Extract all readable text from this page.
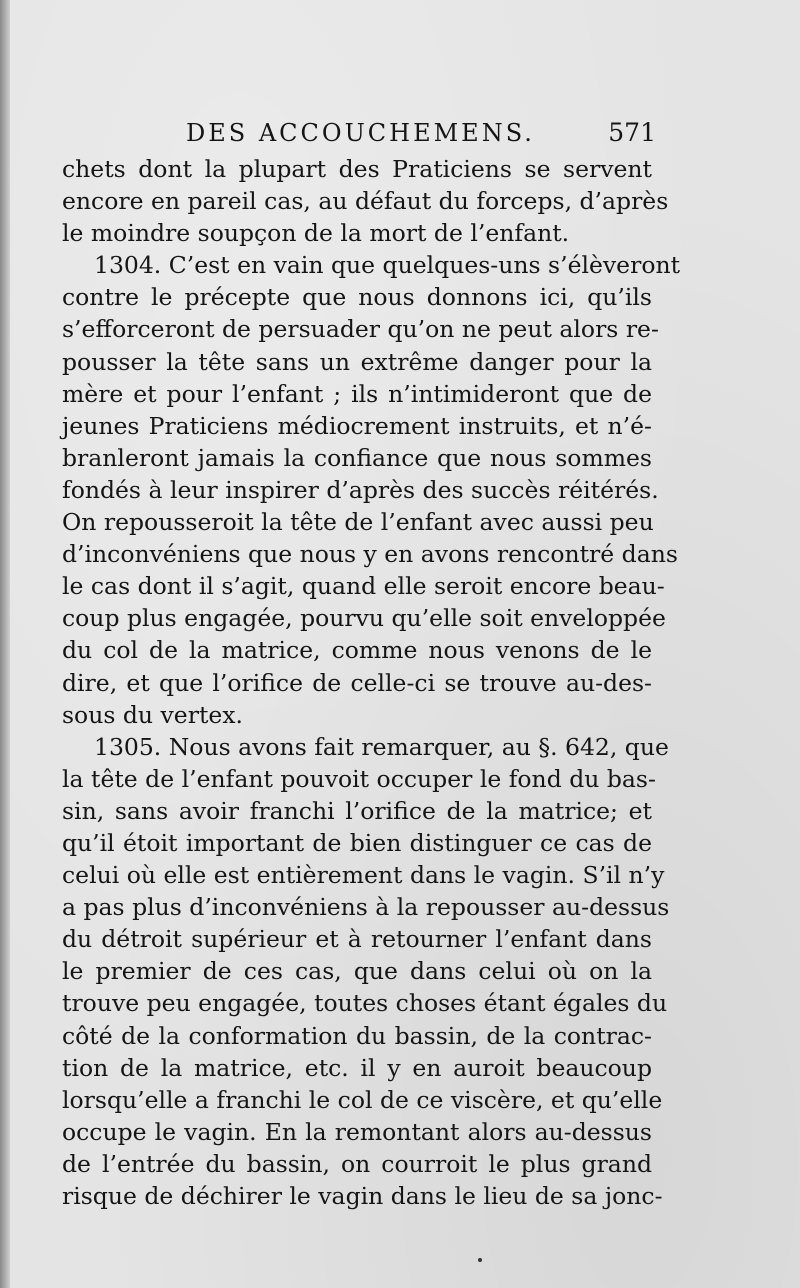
DES ACCOUCHEMENS.	571
chets dont la plupart des Praticiens se servent
encore en pareil cas, au défaut du forceps, d’après
le moindre soupçon de la mort de l’enfant.
1304. C’est en vain que quelques-uns s’élèveront
contre le précepte que nous donnons ici, qu’ils
s’efforceront de persuader qu’on ne peut alors re-
pousser la tête sans un extrême danger pour la
mère et pour l’enfant ; ils n’intimideront que de
jeunes Praticiens médiocrement instruits, et n’é-
branleront jamais la confiance que nous sommes
fondés à leur inspirer d’après des succès réitérés.
On repousseroit la tête de l’enfant avec aussi peu
d’inconvéniens que nous y en avons rencontré dans
le cas dont il s’agit, quand elle seroit encore beau-
coup plus engagée, pourvu qu’elle soit enveloppée
du col de la matrice, comme nous venons de le
dire, et que l’orifice de celle-ci se trouve au-des-
sous du vertex.
1305. Nous avons fait remarquer, au §. 642, que
la tête de l’enfant pouvoit occuper le fond du bas-
sin, sans avoir franchi l’orifice de la matrice; et
qu’il étoit important de bien distinguer ce cas de
celui où elle est entièrement dans le vagin. S’il n’y
a pas plus d’inconvéniens à la repousser au-dessus
du détroit supérieur et à retourner l’enfant dans
le premier de ces cas, que dans celui où on la
trouve peu engagée, toutes choses étant égales du
côté de la conformation du bassin, de la contrac-
tion de la matrice, etc. il y en auroit beaucoup
lorsqu’elle a franchi le col de ce viscère, et qu’elle
occupe le vagin. En la remontant alors au-dessus
de l’entrée du bassin, on courroit le plus grand
risque de déchirer le vagin dans le lieu de sa jonc-
